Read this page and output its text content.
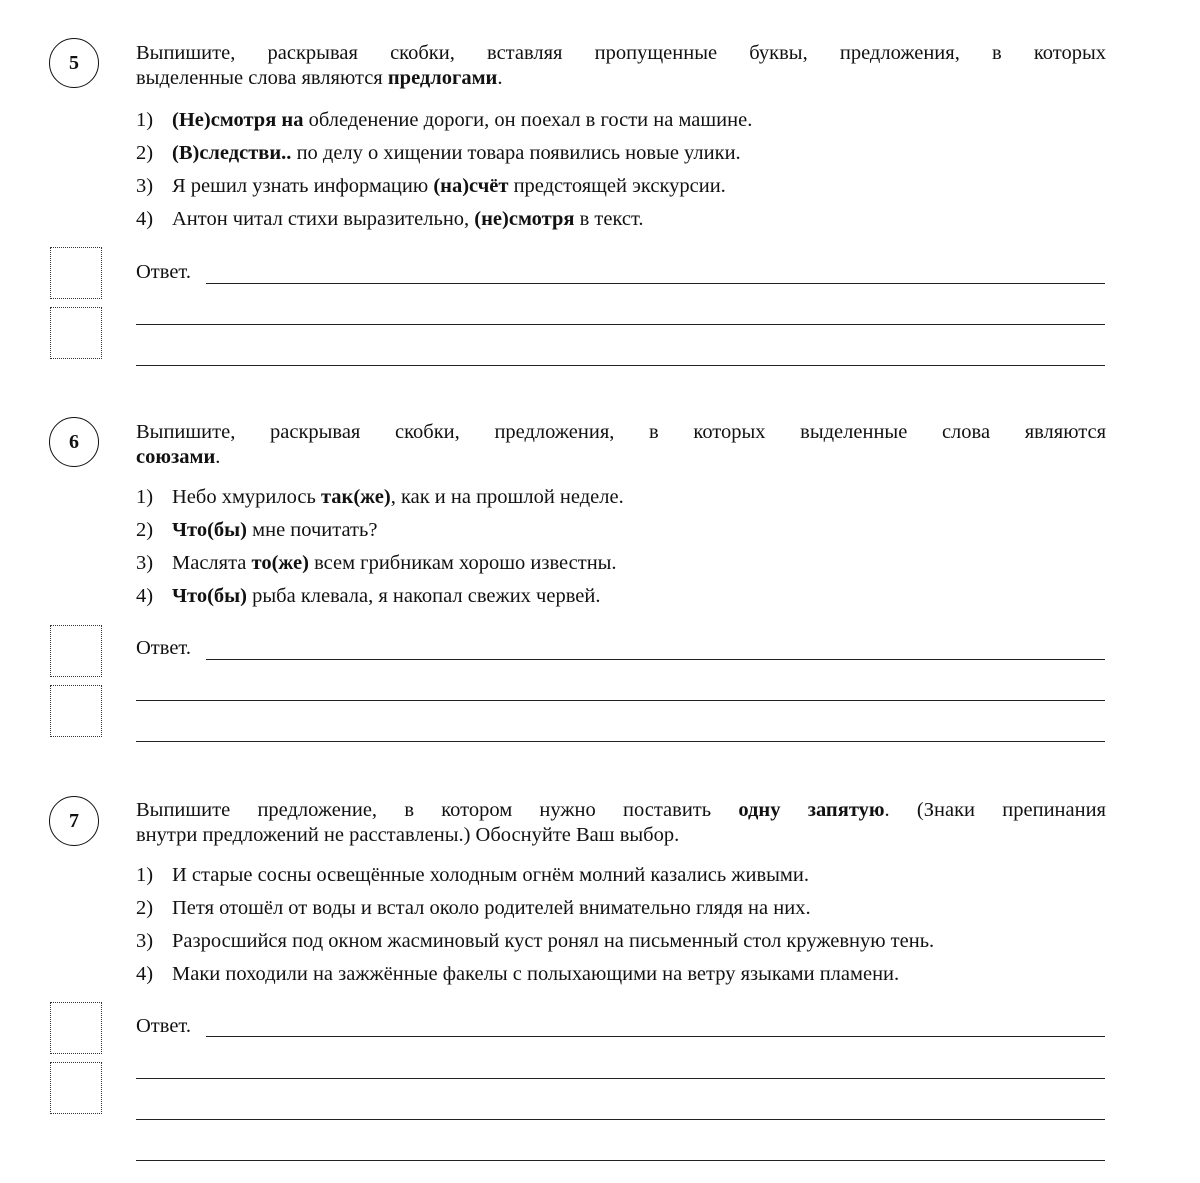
5	Выпишите, раскрывая скобки, вставляя пропущенные буквы, предложения, в которых
выделенные слова являются предлогами.
1) (Не)смотря на обледенение дороги, он поехал в гости на машине.
2) (В)следстви.. по делу о хищении товара появились новые улики.
3) Я решил узнать информацию (на)счёт предстоящей экскурсии.
4) Антон читал стихи выразительно, (не)смотря в текст.
Ответ.
6	Выпишите, раскрывая скобки, предложения, в которых выделенные слова являются
союзами.
1) Небо хмурилось так(же), как и на прошлой неделе.
2) Что(бы) мне почитать?
3) Маслята то(же) всем грибникам хорошо известны.
4) Что(бы) рыба клевала, я накопал свежих червей.
Ответ.
7	Выпишите предложение, в котором нужно поставить одну запятую. (Знаки препинания
внутри предложений не расставлены.) Обоснуйте Ваш выбор.
1) И старые сосны освещённые холодным огнём молний казались живыми.
2) Петя отошёл от воды и встал около родителей внимательно глядя на них.
3) Разросшийся под окном жасминовый куст ронял на письменный стол кружевную тень.
4) Маки походили на зажжённые факелы с полыхающими на ветру языками пламени.
Ответ.
